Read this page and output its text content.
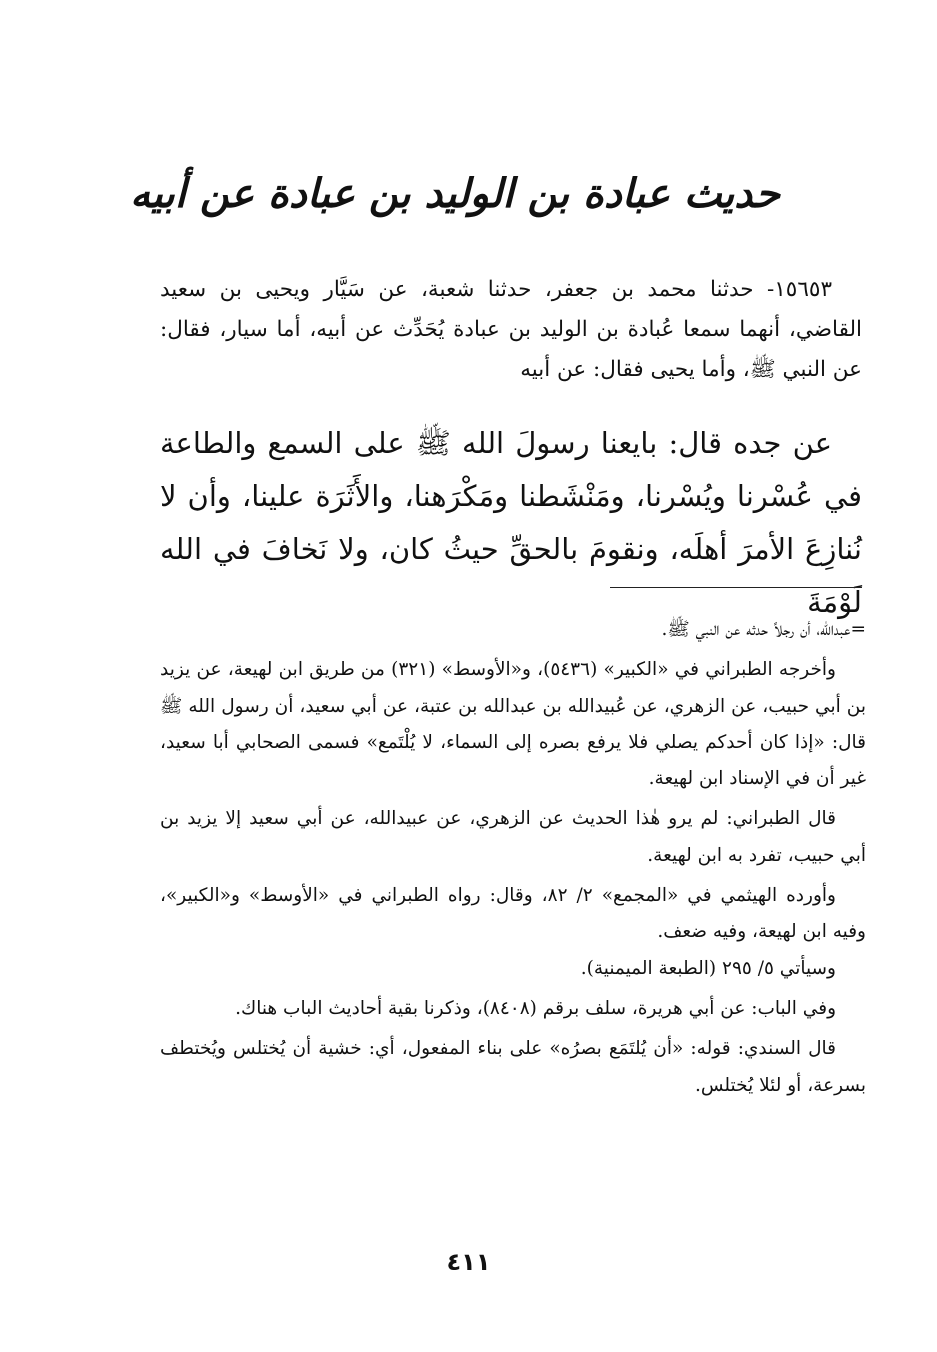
حديث عبادة بن الوليد بن عبادة عن أبيه

١٥٦٥٣- حدثنا محمد بن جعفر، حدثنا شعبة، عن سَيَّار ويحيى بن سعيد القاضي، أنهما سمعا عُبادة بن الوليد بن عبادة يُحَدِّث عن أبيه، أما سيار، فقال: عن النبي ﷺ، وأما يحيى فقال: عن أبيه

عن جده قال: بايعنا رسولَ الله ﷺ على السمع والطاعة في عُسْرنا ويُسْرنا، ومَنْشَطنا ومَكْرَهنا، والأَثَرَة علينا، وأن لا نُنازِعَ الأمرَ أهلَه، ونقومَ بالحقِّ حيثُ كان، ولا نَخافَ في الله لَوْمَةَ

=عبدالله، أن رجلاً حدثه عن النبي ﷺ.

وأخرجه الطبراني في «الكبير» (٥٤٣٦)، و«الأوسط» (٣٢١) من طريق ابن لهيعة، عن يزيد بن أبي حبيب، عن الزهري، عن عُبيدالله بن عبدالله بن عتبة، عن أبي سعيد، أن رسول الله ﷺ قال: «إذا كان أحدكم يصلي فلا يرفع بصره إلى السماء، لا يُلْتَمع» فسمى الصحابي أبا سعيد، غير أن في الإسناد ابن لهيعة.

قال الطبراني: لم يرو هٰذا الحديث عن الزهري، عن عبيدالله، عن أبي سعيد إلا يزيد بن أبي حبيب، تفرد به ابن لهيعة.

وأورده الهيثمي في «المجمع» ٢/ ٨٢، وقال: رواه الطبراني في «الأوسط» و«الكبير»، وفيه ابن لهيعة، وفيه ضعف.

وسيأتي ٥/ ٢٩٥ (الطبعة الميمنية).

وفي الباب: عن أبي هريرة، سلف برقم (٨٤٠٨)، وذكرنا بقية أحاديث الباب هناك.

قال السندي: قوله: «أن يُلتَمَع بصرُه» على بناء المفعول، أي: خشية أن يُختلس ويُختطف بسرعة، أو لئلا يُختلس.

٤١١
